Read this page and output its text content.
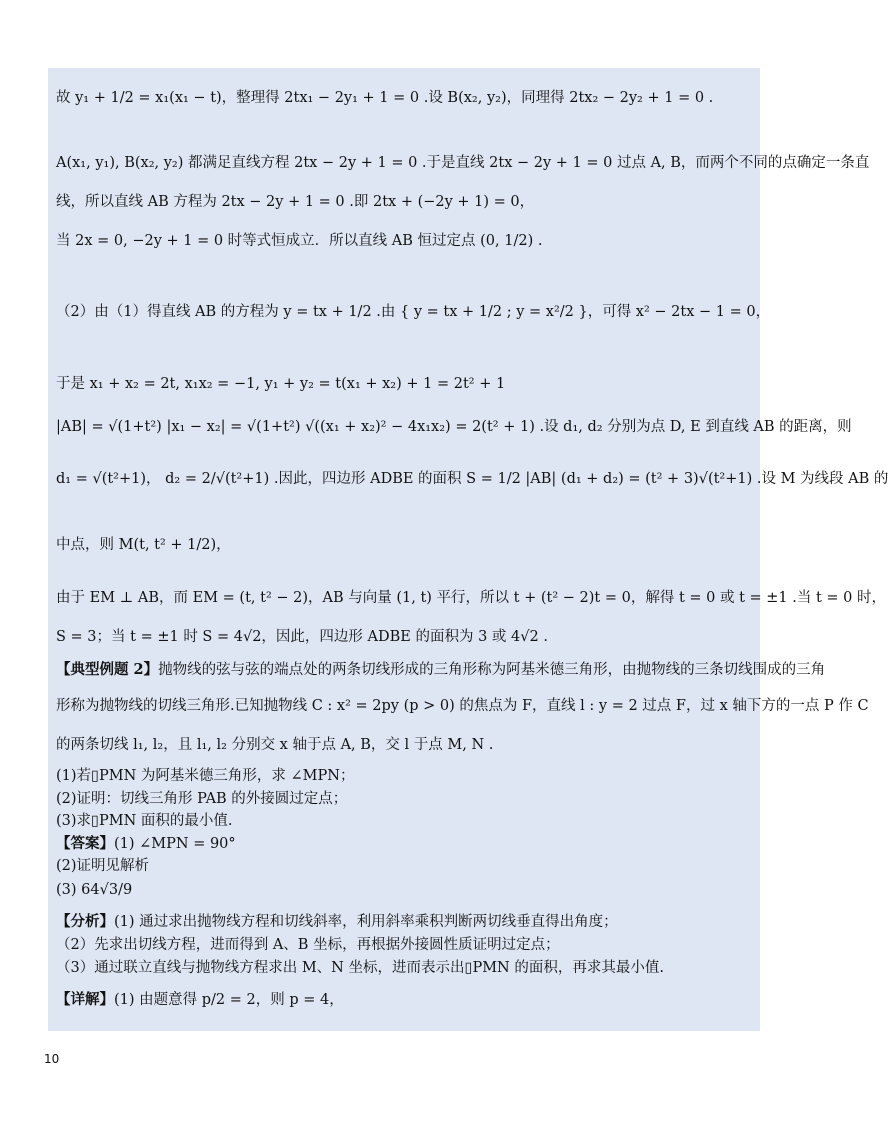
故 y₁ + 1/2 = x₁(x₁ − t)，整理得 2tx₁ − 2y₁ + 1 = 0 .设 B(x₂, y₂)，同理得 2tx₂ − 2y₂ + 1 = 0 .
A(x₁, y₁), B(x₂, y₂) 都满足直线方程 2tx − 2y + 1 = 0 .于是直线 2tx − 2y + 1 = 0 过点 A, B，而两个不同的点确定一条直
线，所以直线 AB 方程为 2tx − 2y + 1 = 0 .即 2tx + (−2y + 1) = 0，
当 2x = 0, −2y + 1 = 0 时等式恒成立．所以直线 AB 恒过定点 (0, 1/2) .
（2）由（1）得直线 AB 的方程为 y = tx + 1/2 .由 { y = tx + 1/2 ; y = x²/2 }，可得 x² − 2tx − 1 = 0，
于是 x₁ + x₂ = 2t, x₁x₂ = −1, y₁ + y₂ = t(x₁ + x₂) + 1 = 2t² + 1
|AB| = √(1+t²) |x₁ − x₂| = √(1+t²) √((x₁ + x₂)² − 4x₁x₂) = 2(t² + 1) .设 d₁, d₂ 分别为点 D, E 到直线 AB 的距离，则
d₁ = √(t²+1)， d₂ = 2/√(t²+1) .因此，四边形 ADBE 的面积 S = 1/2 |AB| (d₁ + d₂) = (t² + 3)√(t²+1) .设 M 为线段 AB 的
中点，则 M(t, t² + 1/2)，
由于 EM ⊥ AB，而 EM = (t, t² − 2)，AB 与向量 (1, t) 平行，所以 t + (t² − 2)t = 0，解得 t = 0 或 t = ±1 .当 t = 0 时，
S = 3；当 t = ±1 时 S = 4√2，因此，四边形 ADBE 的面积为 3 或 4√2 .
【典型例题 2】抛物线的弦与弦的端点处的两条切线形成的三角形称为阿基米德三角形，由抛物线的三条切线围成的三角
形称为抛物线的切线三角形.已知抛物线 C : x² = 2py (p > 0) 的焦点为 F，直线 l : y = 2 过点 F，过 x 轴下方的一点 P 作 C
的两条切线 l₁, l₂，且 l₁, l₂ 分别交 x 轴于点 A, B，交 l 于点 M, N .
(1)若▯PMN 为阿基米德三角形，求 ∠MPN；
(2)证明：切线三角形 PAB 的外接圆过定点；
(3)求▯PMN 面积的最小值.
【答案】(1) ∠MPN = 90°
(2)证明见解析
(3) 64√3/9
【分析】(1) 通过求出抛物线方程和切线斜率，利用斜率乘积判断两切线垂直得出角度；
（2）先求出切线方程，进而得到 A、B 坐标，再根据外接圆性质证明过定点；
（3）通过联立直线与抛物线方程求出 M、N 坐标，进而表示出▯PMN 的面积，再求其最小值.
【详解】(1) 由题意得 p/2 = 2，则 p = 4，
10
